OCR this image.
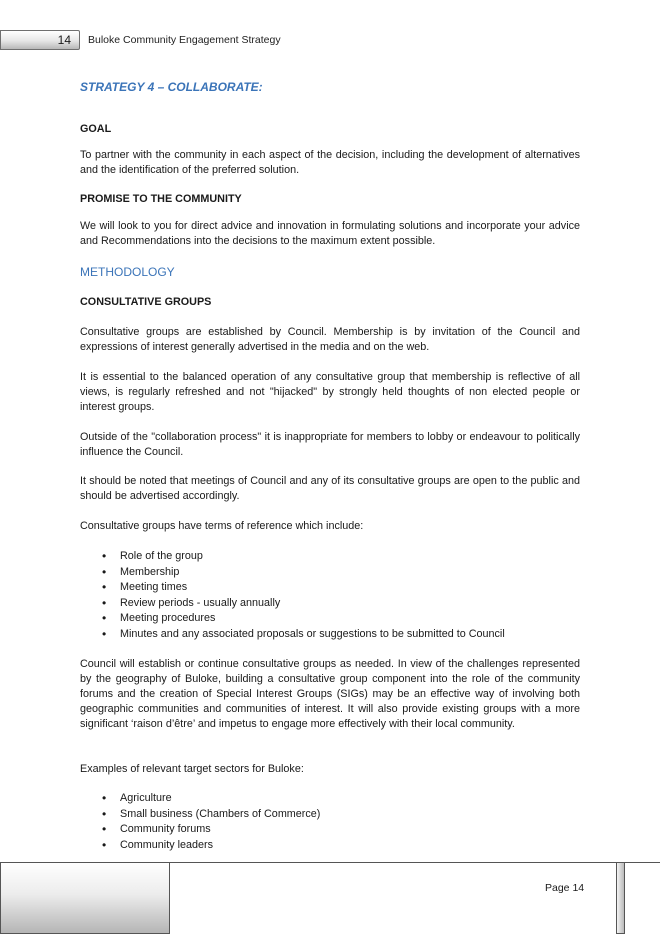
14	Buloke Community Engagement Strategy
STRATEGY 4 – COLLABORATE:
GOAL
To partner with the community in each aspect of the decision, including the development of alternatives and the identification of the preferred solution.
PROMISE TO THE COMMUNITY
We will look to you for direct advice and innovation in formulating solutions and incorporate your advice and Recommendations into the decisions to the maximum extent possible.
METHODOLOGY
CONSULTATIVE GROUPS
Consultative groups are established by Council. Membership is by invitation of the Council and expressions of interest generally advertised in the media and on the web.
It is essential to the balanced operation of any consultative group that membership is reflective of all views, is regularly refreshed and not "hijacked" by strongly held thoughts of non elected people or interest groups.
Outside of the "collaboration process" it is inappropriate for members to lobby or endeavour to politically influence the Council.
It should be noted that meetings of Council and any of its consultative groups are open to the public and should be advertised accordingly.
Consultative groups have terms of reference which include:
• Role of the group
• Membership
• Meeting times
• Review periods - usually annually
• Meeting procedures
• Minutes and any associated proposals or suggestions to be submitted to Council
Council will establish or continue consultative groups as needed. In view of the challenges represented by the geography of Buloke, building a consultative group component into the role of the community forums and the creation of Special Interest Groups (SIGs) may be an effective way of involving both geographic communities and communities of interest. It will also provide existing groups with a more significant ‘raison d’être’ and impetus to engage more effectively with their local community.
Examples of relevant target sectors for Buloke:
• Agriculture
• Small business (Chambers of Commerce)
• Community forums
• Community leaders
Page 14
